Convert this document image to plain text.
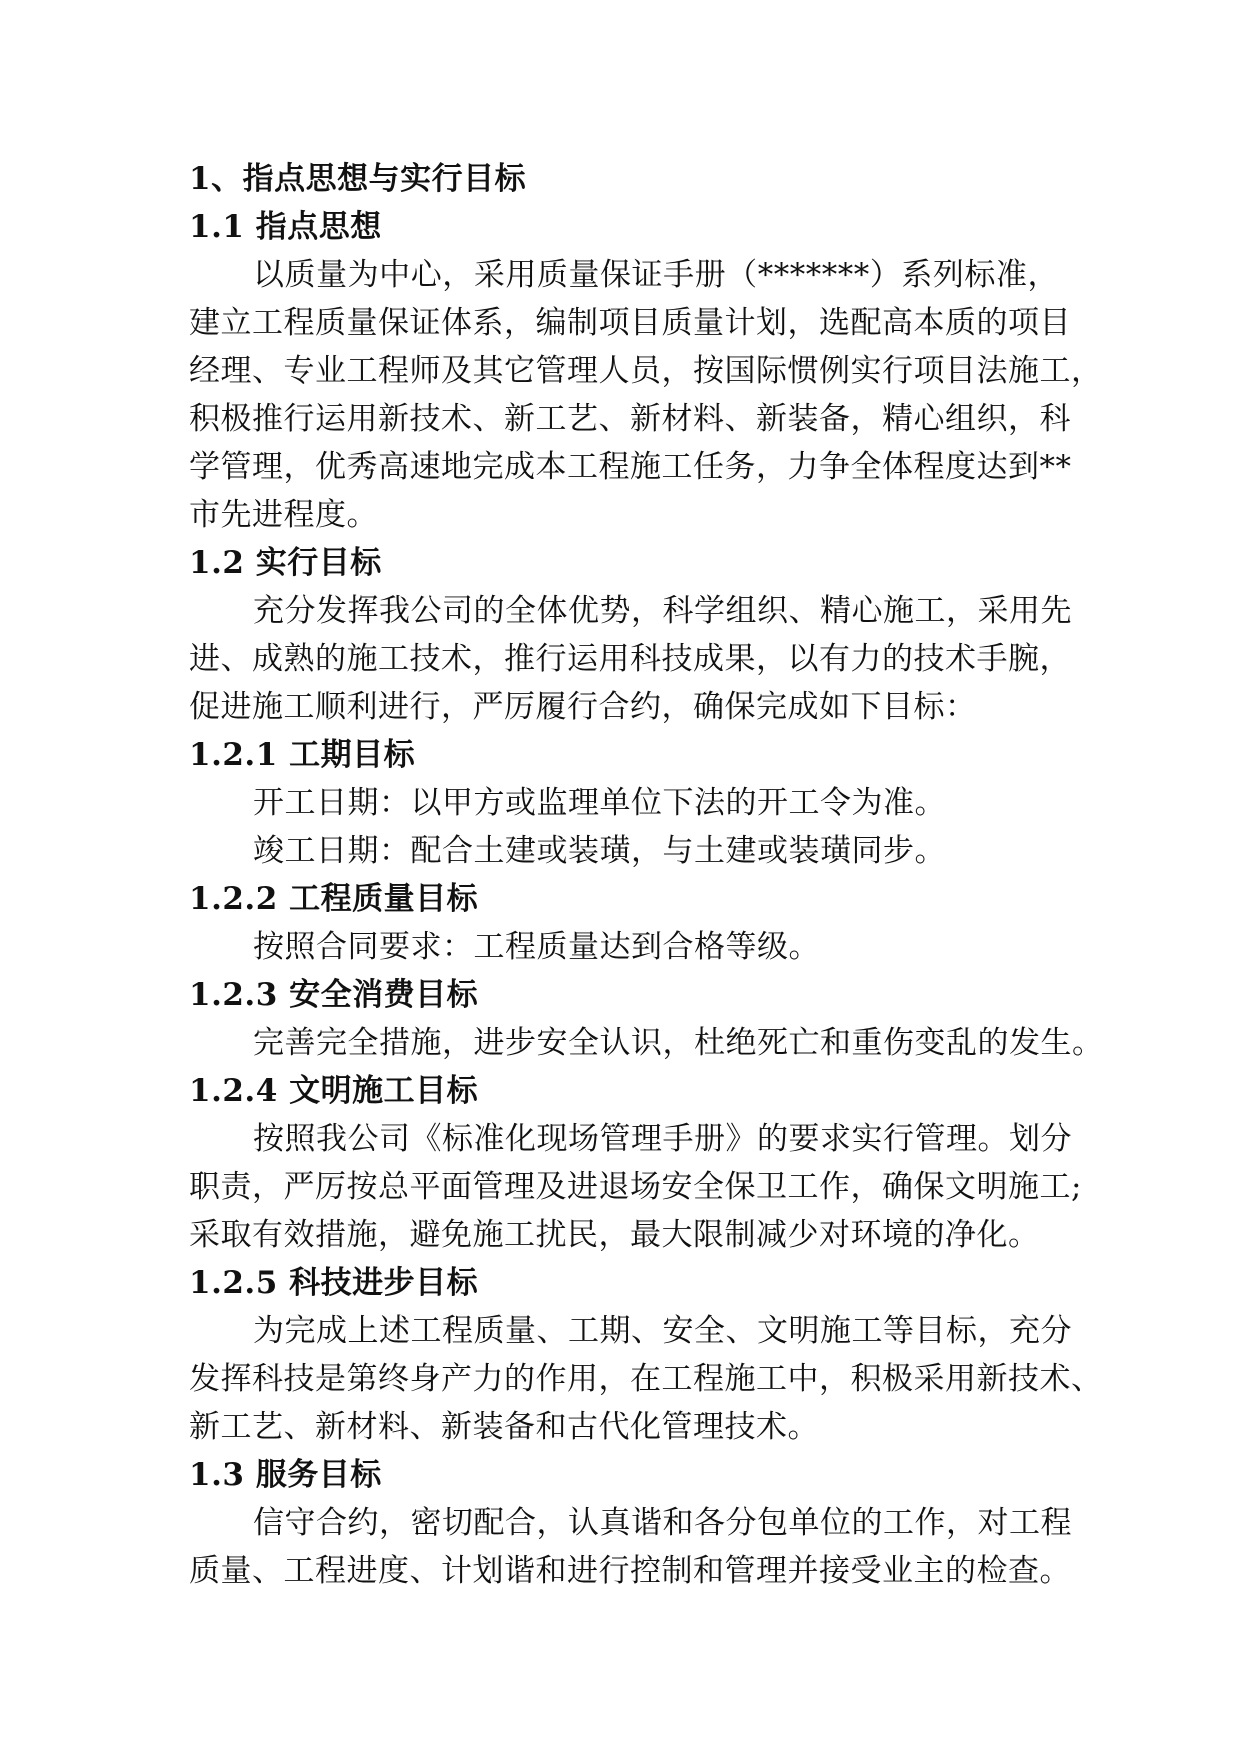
1、指点思想与实行目标
1.1 指点思想
以质量为中心，采用质量保证手册（*******）系列标准，
建立工程质量保证体系，编制项目质量计划，选配高本质的项目
经理、专业工程师及其它管理人员，按国际惯例实行项目法施工，
积极推行运用新技术、新工艺、新材料、新装备，精心组织，科
学管理，优秀高速地完成本工程施工任务，力争全体程度达到**
市先进程度。
1.2 实行目标
充分发挥我公司的全体优势，科学组织、精心施工，采用先
进、成熟的施工技术，推行运用科技成果，以有力的技术手腕，
促进施工顺利进行，严厉履行合约，确保完成如下目标：
1.2.1 工期目标
开工日期：以甲方或监理单位下法的开工令为准。
竣工日期：配合土建或装璜，与土建或装璜同步。
1.2.2 工程质量目标
按照合同要求：工程质量达到合格等级。
1.2.3 安全消费目标
完善完全措施，进步安全认识，杜绝死亡和重伤变乱的发生。
1.2.4 文明施工目标
按照我公司《标准化现场管理手册》的要求实行管理。划分
职责，严厉按总平面管理及进退场安全保卫工作，确保文明施工;
采取有效措施，避免施工扰民，最大限制减少对环境的净化。
1.2.5 科技进步目标
为完成上述工程质量、工期、安全、文明施工等目标，充分
发挥科技是第终身产力的作用，在工程施工中，积极采用新技术、
新工艺、新材料、新装备和古代化管理技术。
1.3 服务目标
信守合约，密切配合，认真谐和各分包单位的工作，对工程
质量、工程进度、计划谐和进行控制和管理并接受业主的检查。
